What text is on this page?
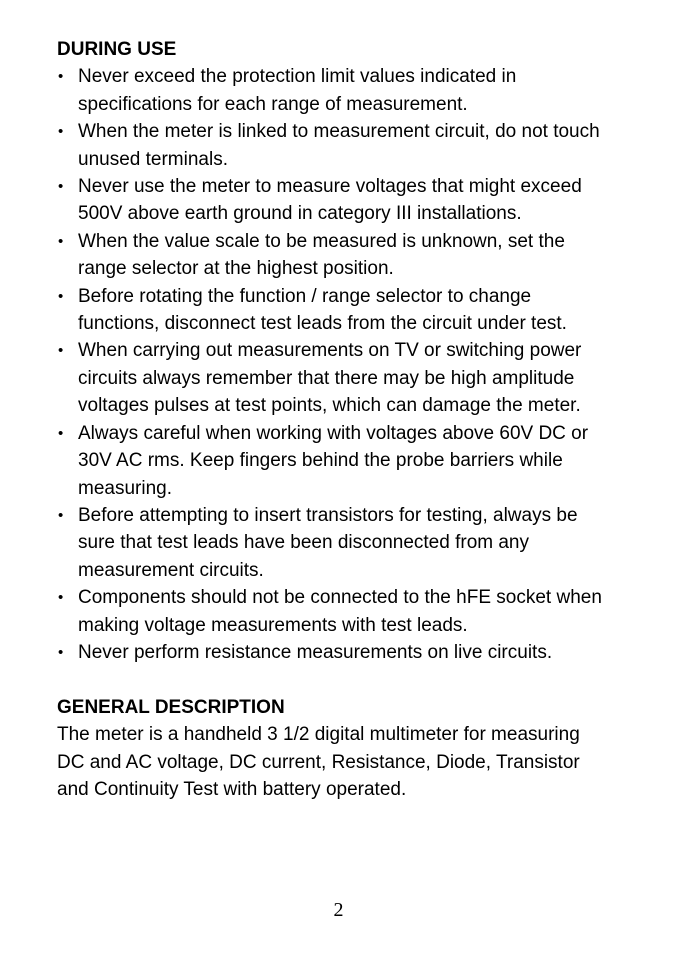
DURING USE

• Never exceed the protection limit values indicated in
specifications for each range of measurement.
• When the meter is linked to measurement circuit, do not touch
unused terminals.
• Never use the meter to measure voltages that might exceed
500V above earth ground in category III installations.
• When the value scale to be measured is unknown, set the
range selector at the highest position.
• Before rotating the function / range selector to change
functions, disconnect test leads from the circuit under test.
• When carrying out measurements on TV or switching power
circuits always remember that there may be high amplitude
voltages pulses at test points, which can damage the meter.
• Always careful when working with voltages above 60V DC or
30V AC rms. Keep fingers behind the probe barriers while
measuring.
• Before attempting to insert transistors for testing, always be
sure that test leads have been disconnected from any
measurement circuits.
• Components should not be connected to the hFE socket when
making voltage measurements with test leads.
• Never perform resistance measurements on live circuits.

GENERAL DESCRIPTION

The meter is a handheld 3 1/2 digital multimeter for measuring
DC and AC voltage, DC current, Resistance, Diode, Transistor
and Continuity Test with battery operated.
2
